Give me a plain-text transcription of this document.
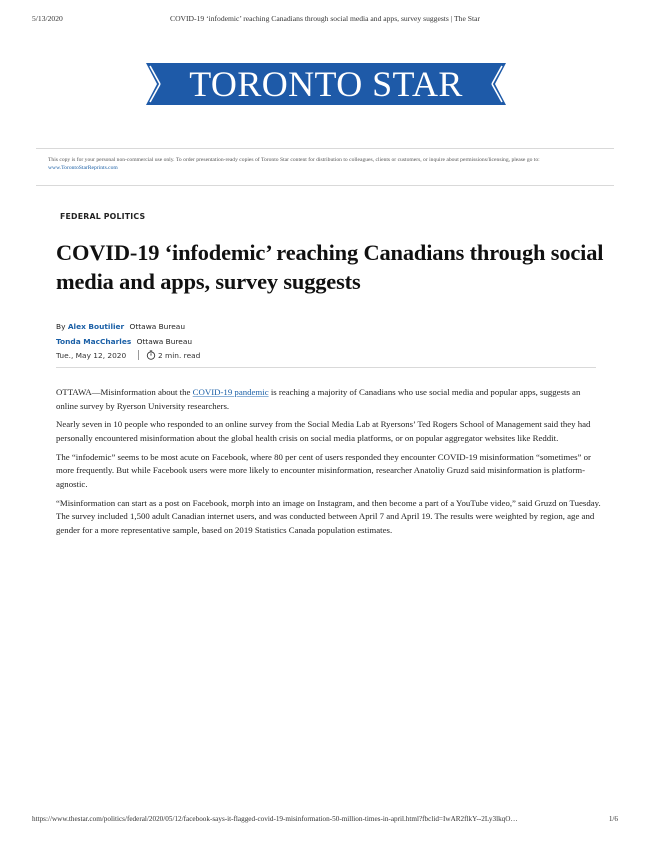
5/13/2020	COVID-19 ‘infodemic’ reaching Canadians through social media and apps, survey suggests | The Star
TORONTO STAR
This copy is for your personal non-commercial use only. To order presentation-ready copies of Toronto Star content for distribution to colleagues, clients or customers, or inquire about permissions/licensing, please go to: www.TorontoStarReprints.com
FEDERAL POLITICS
COVID-19 ‘infodemic’ reaching Canadians through social media and apps, survey suggests
By Alex Boutilier Ottawa Bureau
Tonda MacCharles Ottawa Bureau
Tue., May 12, 2020	2 min. read

OTTAWA—Misinformation about the COVID-19 pandemic is reaching a majority of Canadians who use social media and popular apps, suggests an online survey by Ryerson University researchers.

Nearly seven in 10 people who responded to an online survey from the Social Media Lab at Ryersons’ Ted Rogers School of Management said they had personally encountered misinformation about the global health crisis on social media platforms, or on popular aggregator websites like Reddit.

The “infodemic” seems to be most acute on Facebook, where 80 per cent of users responded they encounter COVID-19 misinformation “sometimes” or more frequently. But while Facebook users were more likely to encounter misinformation, researcher Anatoliy Gruzd said misinformation is platform-agnostic.

“Misinformation can start as a post on Facebook, morph into an image on Instagram, and then become a part of a YouTube video,” said Gruzd on Tuesday. The survey included 1,500 adult Canadian internet users, and was conducted between April 7 and April 19. The results were weighted by region, age and gender for a more representative sample, based on 2019 Statistics Canada population estimates.

https://www.thestar.com/politics/federal/2020/05/12/facebook-says-it-flagged-covid-19-misinformation-50-million-times-in-april.html?fbclid=IwAR2flkY--2Ly3lkqO…	1/6
